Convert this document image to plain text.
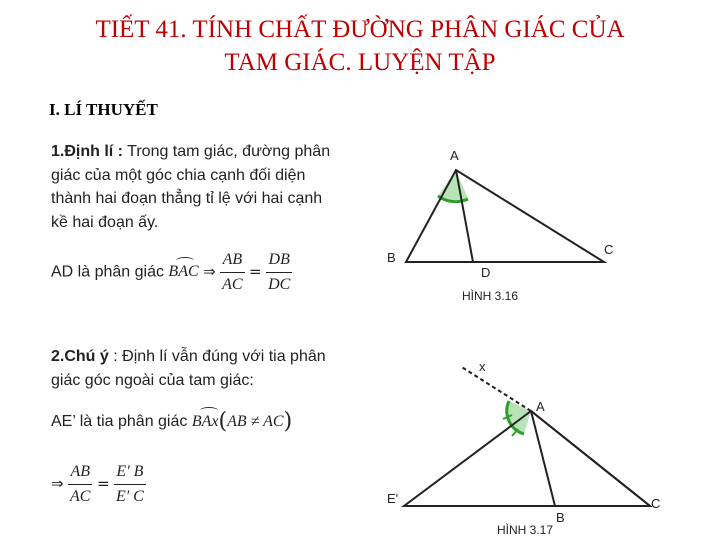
TIẾT 41. TÍNH CHẤT ĐƯỜNG PHÂN GIÁC CỦA
TAM GIÁC. LUYỆN TẬP
I. LÍ THUYẾT
1.Định lí : Trong tam giác, đường phân
giác của một góc chia cạnh đối diện
thành hai đoạn thẳng tỉ lệ với hai cạnh
kề hai đoạn ấy.
AD là phân giác BAC ⇒ $\frac{AB}{AC} = \frac{DB}{DC}$
2.Chú ý : Định lí vẫn đúng với tia phân
giác góc ngoài của tam giác:
AE’ là tia phân giác BAx(AB ≠ AC)
⇒ $\frac{AB}{AC} = \frac{E' B}{E' C}$
A
B
C
D
HÌNH 3.16
x
A
E'
B
C
HÌNH 3.17
